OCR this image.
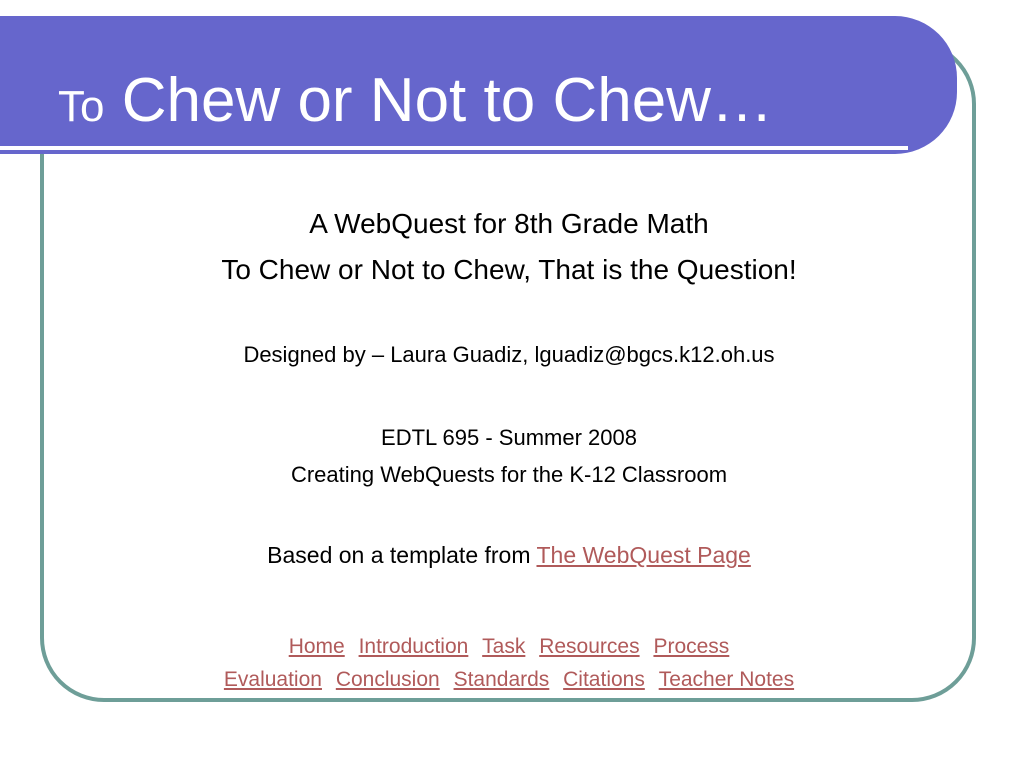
To Chew or Not to Chew…
A WebQuest for 8th Grade Math
To Chew or Not to Chew, That is the Question!
Designed by – Laura Guadiz, lguadiz@bgcs.k12.oh.us
EDTL 695 - Summer 2008
Creating WebQuests for the K-12 Classroom
Based on a template from The WebQuest Page
Home Introduction Task Resources Process
Evaluation Conclusion Standards Citations Teacher Notes
